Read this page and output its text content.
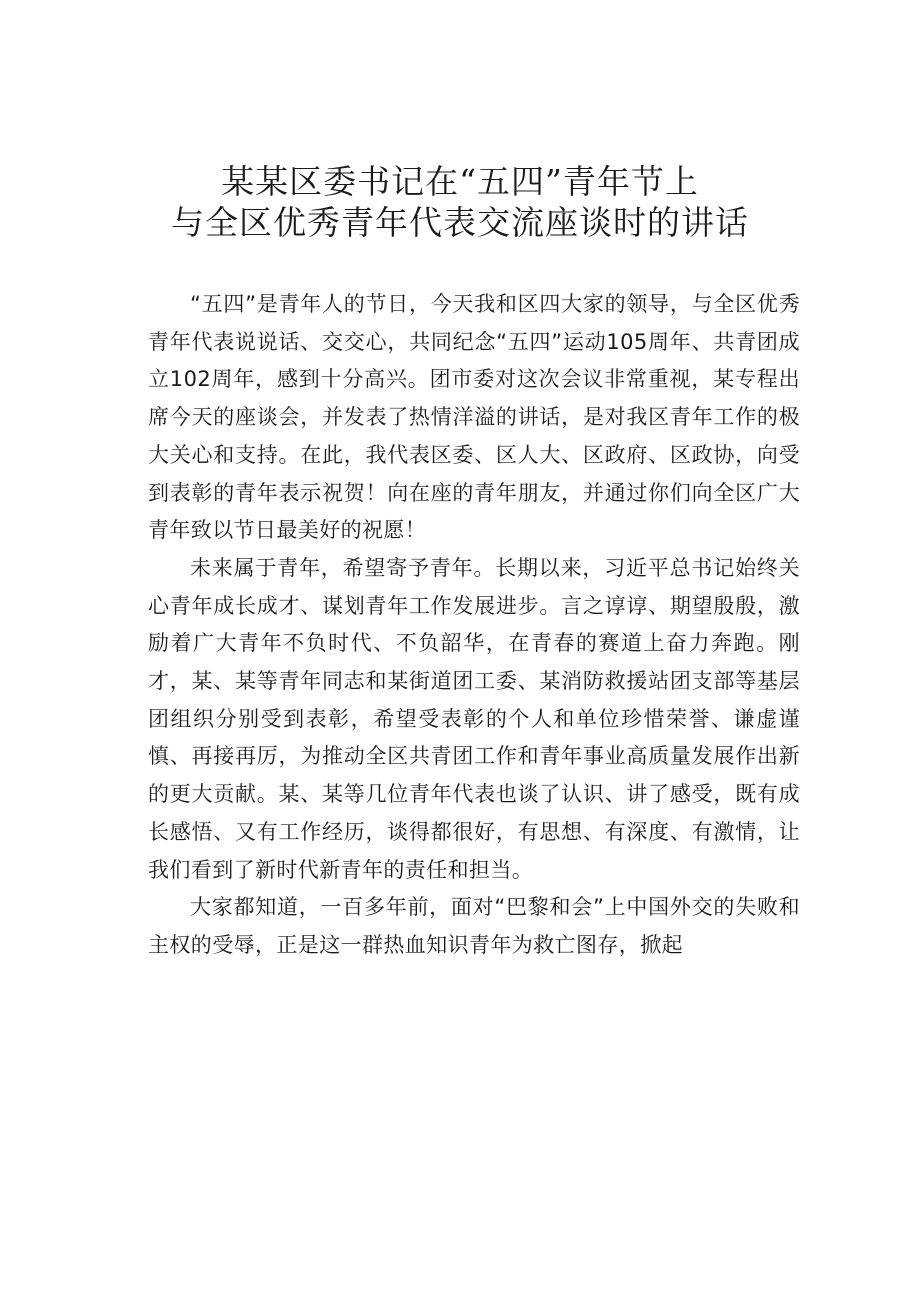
某某区委书记在“五四”青年节上
与全区优秀青年代表交流座谈时的讲话

“五四”是青年人的节日，今天我和区四大家的领导，与全区优秀青年代表说说话、交交心，共同纪念“五四”运动105周年、共青团成立102周年，感到十分高兴。团市委对这次会议非常重视，某专程出席今天的座谈会，并发表了热情洋溢的讲话，是对我区青年工作的极大关心和支持。在此，我代表区委、区人大、区政府、区政协，向受到表彰的青年表示祝贺！向在座的青年朋友，并通过你们向全区广大青年致以节日最美好的祝愿！

未来属于青年，希望寄予青年。长期以来，习近平总书记始终关心青年成长成才、谋划青年工作发展进步。言之谆谆、期望殷殷，激励着广大青年不负时代、不负韶华，在青春的赛道上奋力奔跑。刚才，某、某等青年同志和某街道团工委、某消防救援站团支部等基层团组织分别受到表彰，希望受表彰的个人和单位珍惜荣誉、谦虚谨慎、再接再厉，为推动全区共青团工作和青年事业高质量发展作出新的更大贡献。某、某等几位青年代表也谈了认识、讲了感受，既有成长感悟、又有工作经历，谈得都很好，有思想、有深度、有激情，让我们看到了新时代新青年的责任和担当。

大家都知道，一百多年前，面对“巴黎和会”上中国外交的失败和主权的受辱，正是这一群热血知识青年为救亡图存，掀起
